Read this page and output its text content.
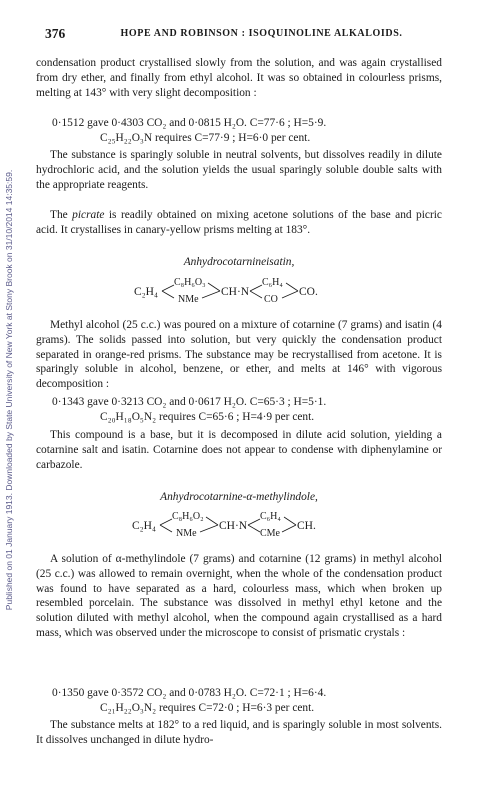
Published on 01 January 1913. Downloaded by State University of New York at Stony Brook on 31/10/2014 14:35:59.
376	HOPE AND ROBINSON : ISOQUINOLINE ALKALOIDS.

condensation product crystallised slowly from the solution, and was again crystallised from dry ether, and finally from ethyl alcohol. It was so obtained in colourless prisms, melting at 143° with very slight decomposition :

0·1512 gave 0·4303 CO₂ and 0·0815 H₂O. C=77·6 ; H=5·9.

C₂₅H₂₂O₃N requires C=77·9 ; H=6·0 per cent.

The substance is sparingly soluble in neutral solvents, but dissolves readily in dilute hydrochloric acid, and the solution yields the usual sparingly soluble double salts with the appropriate reagents.

The picrate is readily obtained on mixing acetone solutions of the base and picric acid. It crystallises in canary-yellow prisms melting at 183°.

Anhydrocotarnineisatin,

C₂H₄
C₈H₆O₃
NMe
CH·N
C₆H₄
CO
CO.

Methyl alcohol (25 c.c.) was poured on a mixture of cotarnine (7 grams) and isatin (4 grams). The solids passed into solution, but very quickly the condensation product separated in orange-red prisms. The substance may be recrystallised from acetone. It is sparingly soluble in alcohol, benzene, or ether, and melts at 146° with vigorous decomposition :

0·1343 gave 0·3213 CO₂ and 0·0617 H₂O. C=65·3 ; H=5·1.

C₂₀H₁₈O₅N₂ requires C=65·6 ; H=4·9 per cent.

This compound is a base, but it is decomposed in dilute acid solution, yielding a cotarnine salt and isatin. Cotarnine does not appear to condense with diphenylamine or carbazole.

Anhydrocotarnine-α-methylindole,

C₂H₄
C₈H₆O₂
NMe
CH·N
C₆H₄
CMe
CH.

A solution of α-methylindole (7 grams) and cotarnine (12 grams) in methyl alcohol (25 c.c.) was allowed to remain overnight, when the whole of the condensation product was found to have separated as a hard, colourless mass, which when broken up resembled porcelain. The substance was dissolved in methyl ethyl ketone and the solution diluted with methyl alcohol, when the compound again crystallised as a hard mass, which was observed under the microscope to consist of prismatic crystals :

0·1350 gave 0·3572 CO₂ and 0·0783 H₂O. C=72·1 ; H=6·4.

C₂₁H₂₂O₃N₂ requires C=72·0 ; H=6·3 per cent.

The substance melts at 182° to a red liquid, and is sparingly soluble in most solvents. It dissolves unchanged in dilute hydro-
